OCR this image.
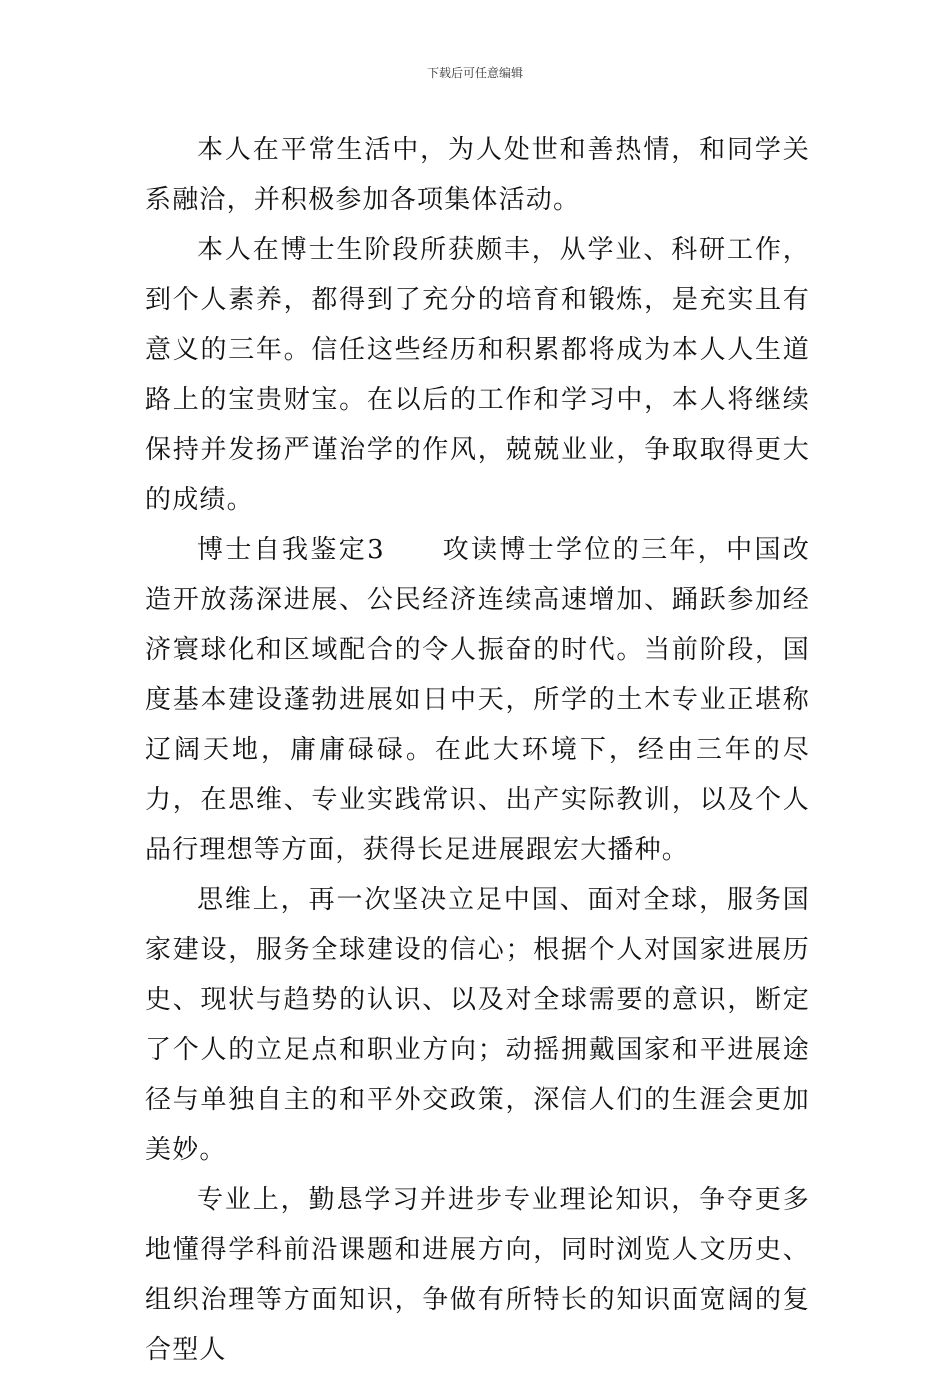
下载后可任意编辑

本人在平常生活中，为人处世和善热情，和同学关系融洽，并积极参加各项集体活动。

本人在博士生阶段所获颇丰，从学业、科研工作，到个人素养，都得到了充分的培育和锻炼，是充实且有意义的三年。信任这些经历和积累都将成为本人人生道路上的宝贵财宝。在以后的工作和学习中，本人将继续保持并发扬严谨治学的作风，兢兢业业，争取取得更大的成绩。

博士自我鉴定3　　攻读博士学位的三年，中国改造开放荡深进展、公民经济连续高速增加、踊跃参加经济寰球化和区域配合的令人振奋的时代。当前阶段，国度基本建设蓬勃进展如日中天，所学的土木专业正堪称辽阔天地，庸庸碌碌。在此大环境下，经由三年的尽力，在思维、专业实践常识、出产实际教训，以及个人品行理想等方面，获得长足进展跟宏大播种。

思维上，再一次坚决立足中国、面对全球，服务国家建设，服务全球建设的信心；根据个人对国家进展历史、现状与趋势的认识、以及对全球需要的意识，断定了个人的立足点和职业方向；动摇拥戴国家和平进展途径与单独自主的和平外交政策，深信人们的生涯会更加美妙。

专业上，勤恳学习并进步专业理论知识，争夺更多地懂得学科前沿课题和进展方向，同时浏览人文历史、组织治理等方面知识，争做有所特长的知识面宽阔的复合型人
